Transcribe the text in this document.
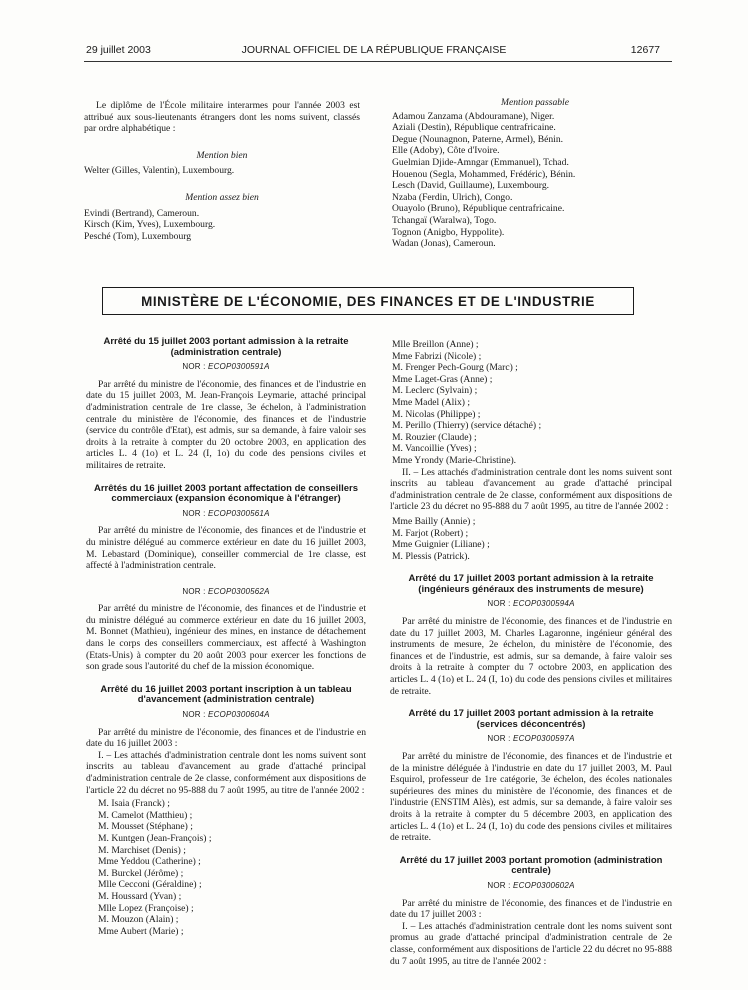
29 juillet 2003	JOURNAL OFFICIEL DE LA RÉPUBLIQUE FRANÇAISE	12677

Le diplôme de l'École militaire interarmes pour l'année 2003 est attribué aux sous-lieutenants étrangers dont les noms suivent, classés par ordre alphabétique :

Mention bien

Welter (Gilles, Valentin), Luxembourg.

Mention assez bien

Evindi (Bertrand), Cameroun.
Kirsch (Kim, Yves), Luxembourg.
Pesché (Tom), Luxembourg

Mention passable

Adamou Zanzama (Abdouramane), Niger.
Aziali (Destin), République centrafricaine.
Degue (Nounagnon, Paterne, Armel), Bénin.
Elle (Adoby), Côte d'Ivoire.
Guelmian Djide-Amngar (Emmanuel), Tchad.
Houenou (Segla, Mohammed, Frédéric), Bénin.
Lesch (David, Guillaume), Luxembourg.
Nzaba (Ferdin, Ulrich), Congo.
Ouayolo (Bruno), République centrafricaine.
Tchangaï (Waralwa), Togo.
Tognon (Anigbo, Hyppolite).
Wadan (Jonas), Cameroun.
MINISTÈRE DE L'ÉCONOMIE, DES FINANCES ET DE L'INDUSTRIE
Arrêté du 15 juillet 2003 portant admission à la retraite (administration centrale)
NOR : ECOP0300591A

Par arrêté du ministre de l'économie, des finances et de l'industrie en date du 15 juillet 2003, M. Jean-François Leymarie, attaché principal d'administration centrale de 1re classe, 3e échelon, à l'administration centrale du ministère de l'économie, des finances et de l'industrie (service du contrôle d'Etat), est admis, sur sa demande, à faire valoir ses droits à la retraite à compter du 20 octobre 2003, en application des articles L. 4 (1o) et L. 24 (I, 1o) du code des pensions civiles et militaires de retraite.

Arrêtés du 16 juillet 2003 portant affectation de conseillers commerciaux (expansion économique à l'étranger)
NOR : ECOP0300561A

Par arrêté du ministre de l'économie, des finances et de l'industrie et du ministre délégué au commerce extérieur en date du 16 juillet 2003, M. Lebastard (Dominique), conseiller commercial de 1re classe, est affecté à l'administration centrale.

NOR : ECOP0300562A

Par arrêté du ministre de l'économie, des finances et de l'industrie et du ministre délégué au commerce extérieur en date du 16 juillet 2003, M. Bonnet (Mathieu), ingénieur des mines, en instance de détachement dans le corps des conseillers commerciaux, est affecté à Washington (Etats-Unis) à compter du 20 août 2003 pour exercer les fonctions de son grade sous l'autorité du chef de la mission économique.

Arrêté du 16 juillet 2003 portant inscription à un tableau d'avancement (administration centrale)
NOR : ECOP0300604A

Par arrêté du ministre de l'économie, des finances et de l'industrie en date du 16 juillet 2003 :

I. – Les attachés d'administration centrale dont les noms suivent sont inscrits au tableau d'avancement au grade d'attaché principal d'administration centrale de 2e classe, conformément aux dispositions de l'article 22 du décret no 95-888 du 7 août 1995, au titre de l'année 2002 :

M. Isaia (Franck) ;
M. Camelot (Matthieu) ;
M. Mousset (Stéphane) ;
M. Kuntgen (Jean-François) ;
M. Marchiset (Denis) ;
Mme Yeddou (Catherine) ;
M. Burckel (Jérôme) ;
Mlle Cecconi (Géraldine) ;
M. Houssard (Yvan) ;
Mlle Lopez (Françoise) ;
M. Mouzon (Alain) ;
Mme Aubert (Marie) ;
Mlle Breillon (Anne) ;
Mme Fabrizi (Nicole) ;
M. Frenger Pech-Gourg (Marc) ;
Mme Laget-Gras (Anne) ;
M. Leclerc (Sylvain) ;
Mme Madel (Alix) ;
M. Nicolas (Philippe) ;
M. Perillo (Thierry) (service détaché) ;
M. Rouzier (Claude) ;
M. Vancoillie (Yves) ;
Mme Yrondy (Marie-Christine).

II. – Les attachés d'administration centrale dont les noms suivent sont inscrits au tableau d'avancement au grade d'attaché principal d'administration centrale de 2e classe, conformément aux dispositions de l'article 23 du décret no 95-888 du 7 août 1995, au titre de l'année 2002 :

Mme Bailly (Annie) ;
M. Farjot (Robert) ;
Mme Guignier (Liliane) ;
M. Plessis (Patrick).
Arrêté du 17 juillet 2003 portant admission à la retraite (ingénieurs généraux des instruments de mesure)
NOR : ECOP0300594A

Par arrêté du ministre de l'économie, des finances et de l'industrie en date du 17 juillet 2003, M. Charles Lagaronne, ingénieur général des instruments de mesure, 2e échelon, du ministère de l'économie, des finances et de l'industrie, est admis, sur sa demande, à faire valoir ses droits à la retraite à compter du 7 octobre 2003, en application des articles L. 4 (1o) et L. 24 (I, 1o) du code des pensions civiles et militaires de retraite.

Arrêté du 17 juillet 2003 portant admission à la retraite (services déconcentrés)
NOR : ECOP0300597A

Par arrêté du ministre de l'économie, des finances et de l'industrie et de la ministre déléguée à l'industrie en date du 17 juillet 2003, M. Paul Esquirol, professeur de 1re catégorie, 3e échelon, des écoles nationales supérieures des mines du ministère de l'économie, des finances et de l'industrie (ENSTIM Alès), est admis, sur sa demande, à faire valoir ses droits à la retraite à compter du 5 décembre 2003, en application des articles L. 4 (1o) et L. 24 (I, 1o) du code des pensions civiles et militaires de retraite.

Arrêté du 17 juillet 2003 portant promotion (administration centrale)
NOR : ECOP0300602A

Par arrêté du ministre de l'économie, des finances et de l'industrie en date du 17 juillet 2003 :

I. – Les attachés d'administration centrale dont les noms suivent sont promus au grade d'attaché principal d'administration centrale de 2e classe, conformément aux dispositions de l'article 22 du décret no 95-888 du 7 août 1995, au titre de l'année 2002 :
